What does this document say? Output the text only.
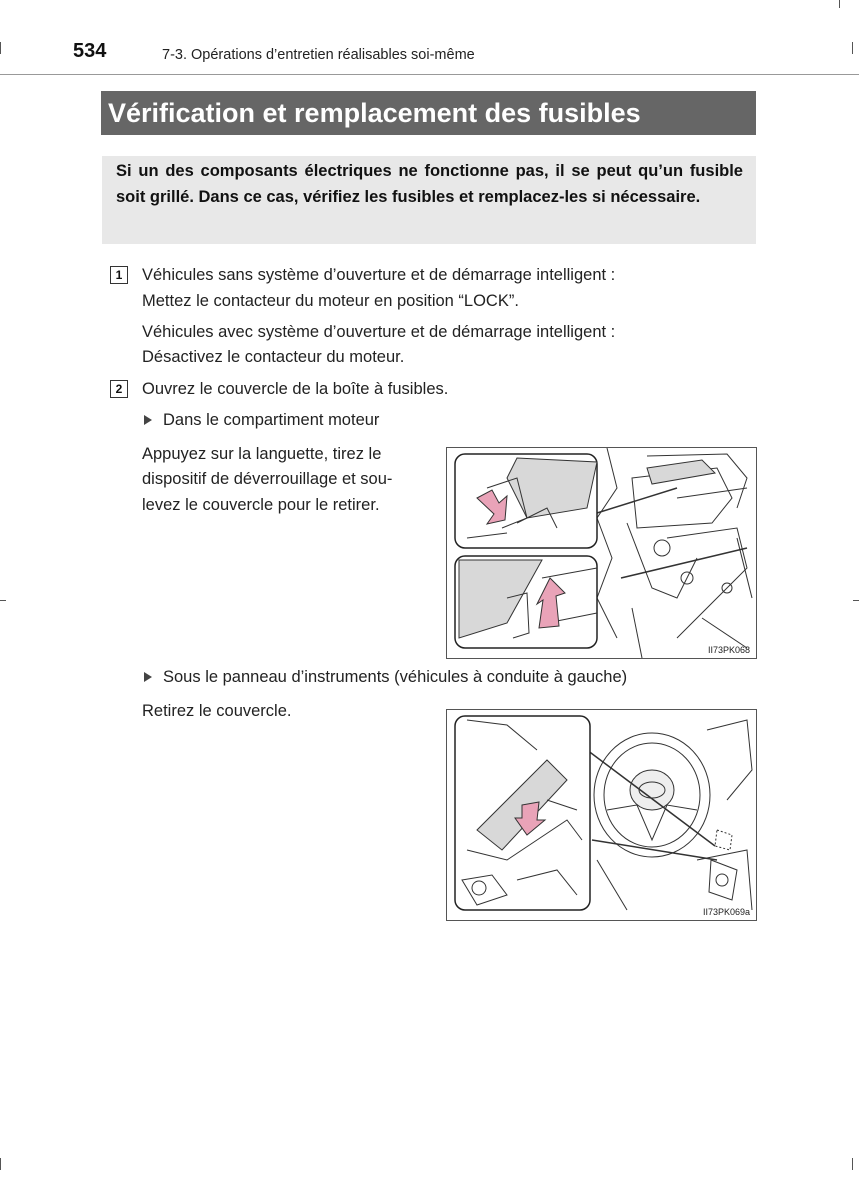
534	7-3. Opérations d’entretien réalisables soi-même
Vérification et remplacement des fusibles
Si un des composants électriques ne fonctionne pas, il se peut qu’un fusible soit grillé. Dans ce cas, vérifiez les fusibles et remplacez-les si nécessaire.
1	Véhicules sans système d’ouverture et de démarrage intelligent :
Mettez le contacteur du moteur en position “LOCK”.
Véhicules avec système d’ouverture et de démarrage intelligent :
Désactivez le contacteur du moteur.
2	Ouvrez le couvercle de la boîte à fusibles.
Dans le compartiment moteur
Appuyez sur la languette, tirez le
dispositif de déverrouillage et sou-
levez le couvercle pour le retirer.
II73PK068
Sous le panneau d’instruments (véhicules à conduite à gauche)
Retirez le couvercle.
II73PK069a
